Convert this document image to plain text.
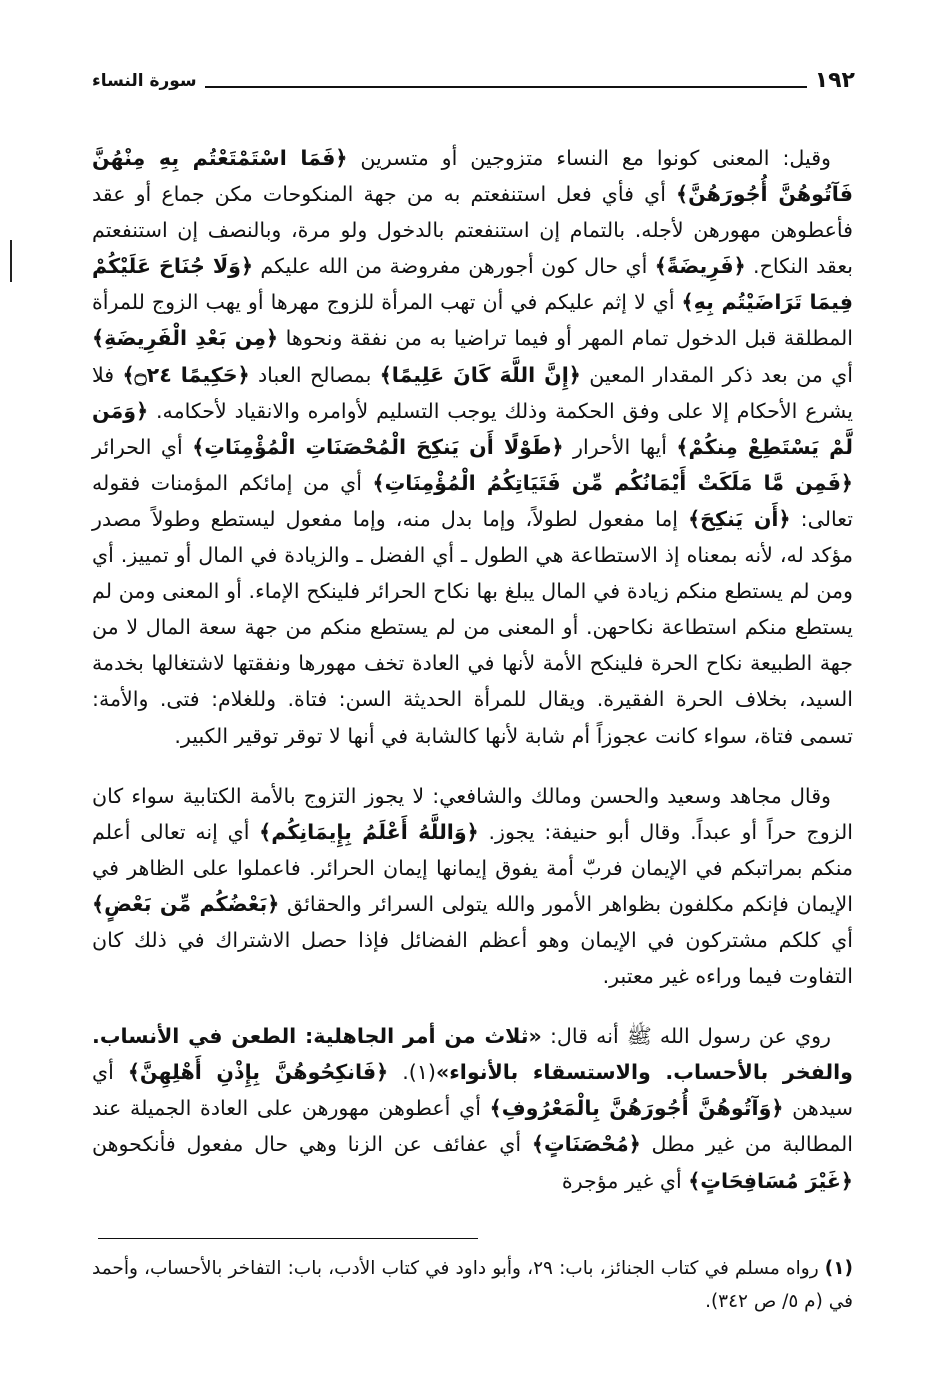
١٩٢
سورة النساء

وقيل: المعنى كونوا مع النساء متزوجين أو متسرين ﴿فَمَا اسْتَمْتَعْتُم بِهِ مِنْهُنَّ فَآتُوهُنَّ أُجُورَهُنَّ﴾ أي فأي فعل استنفعتم به من جهة المنكوحات مكن جماع أو عقد فأعطوهن مهورهن لأجله. بالتمام إن استنفعتم بالدخول ولو مرة، وبالنصف إن استنفعتم بعقد النكاح. ﴿فَرِيضَةً﴾ أي حال كون أجورهن مفروضة من الله عليكم ﴿وَلَا جُنَاحَ عَلَيْكُمْ فِيمَا تَرَاضَيْتُم بِهِ﴾ أي لا إثم عليكم في أن تهب المرأة للزوج مهرها أو يهب الزوج للمرأة المطلقة قبل الدخول تمام المهر أو فيما تراضيا به من نفقة ونحوها ﴿مِن بَعْدِ الْفَرِيضَةِ﴾ أي من بعد ذكر المقدار المعين ﴿إِنَّ اللَّهَ كَانَ عَلِيمًا﴾ بمصالح العباد ﴿حَكِيمًا ۝٢٤﴾ فلا يشرع الأحكام إلا على وفق الحكمة وذلك يوجب التسليم لأوامره والانقياد لأحكامه. ﴿وَمَن لَّمْ يَسْتَطِعْ مِنكُمْ﴾ أيها الأحرار ﴿طَوْلًا أَن يَنكِحَ الْمُحْصَنَاتِ الْمُؤْمِنَاتِ﴾ أي الحرائر ﴿فَمِن مَّا مَلَكَتْ أَيْمَانُكُم مِّن فَتَيَاتِكُمُ الْمُؤْمِنَاتِ﴾ أي من إمائكم المؤمنات فقوله تعالى: ﴿أَن يَنكِحَ﴾ إما مفعول لطولاً، وإما بدل منه، وإما مفعول ليستطع وطولاً مصدر مؤكد له، لأنه بمعناه إذ الاستطاعة هي الطول ـ أي الفضل ـ والزيادة في المال أو تمييز. أي ومن لم يستطع منكم زيادة في المال يبلغ بها نكاح الحرائر فلينكح الإماء. أو المعنى ومن لم يستطع منكم استطاعة نكاحهن. أو المعنى من لم يستطع منكم من جهة سعة المال لا من جهة الطبيعة نكاح الحرة فلينكح الأمة لأنها في العادة تخف مهورها ونفقتها لاشتغالها بخدمة السيد، بخلاف الحرة الفقيرة. ويقال للمرأة الحديثة السن: فتاة. وللغلام: فتى. والأمة: تسمى فتاة، سواء كانت عجوزاً أم شابة لأنها كالشابة في أنها لا توقر توقير الكبير.

وقال مجاهد وسعيد والحسن ومالك والشافعي: لا يجوز التزوج بالأمة الكتابية سواء كان الزوج حراً أو عبداً. وقال أبو حنيفة: يجوز. ﴿وَاللَّهُ أَعْلَمُ بِإِيمَانِكُم﴾ أي إنه تعالى أعلم منكم بمراتبكم في الإيمان فربّ أمة يفوق إيمانها إيمان الحرائر. فاعملوا على الظاهر في الإيمان فإنكم مكلفون بظواهر الأمور والله يتولى السرائر والحقائق ﴿بَعْضُكُم مِّن بَعْضٍ﴾ أي كلكم مشتركون في الإيمان وهو أعظم الفضائل فإذا حصل الاشتراك في ذلك كان التفاوت فيما وراءه غير معتبر.

روي عن رسول الله ﷺ أنه قال: «ثلاث من أمر الجاهلية: الطعن في الأنساب. والفخر بالأحساب. والاستسقاء بالأنواء»(١). ﴿فَانكِحُوهُنَّ بِإِذْنِ أَهْلِهِنَّ﴾ أي سيدهن ﴿وَآتُوهُنَّ أُجُورَهُنَّ بِالْمَعْرُوفِ﴾ أي أعطوهن مهورهن على العادة الجميلة عند المطالبة من غير مطل ﴿مُحْصَنَاتٍ﴾ أي عفائف عن الزنا وهي حال مفعول فأنكحوهن ﴿غَيْرَ مُسَافِحَاتٍ﴾ أي غير مؤجرة

(١) رواه مسلم في كتاب الجنائز، باب: ٢٩، وأبو داود في كتاب الأدب، باب: التفاخر بالأحساب، وأحمد في (م ٥/ ص ٣٤٢).
